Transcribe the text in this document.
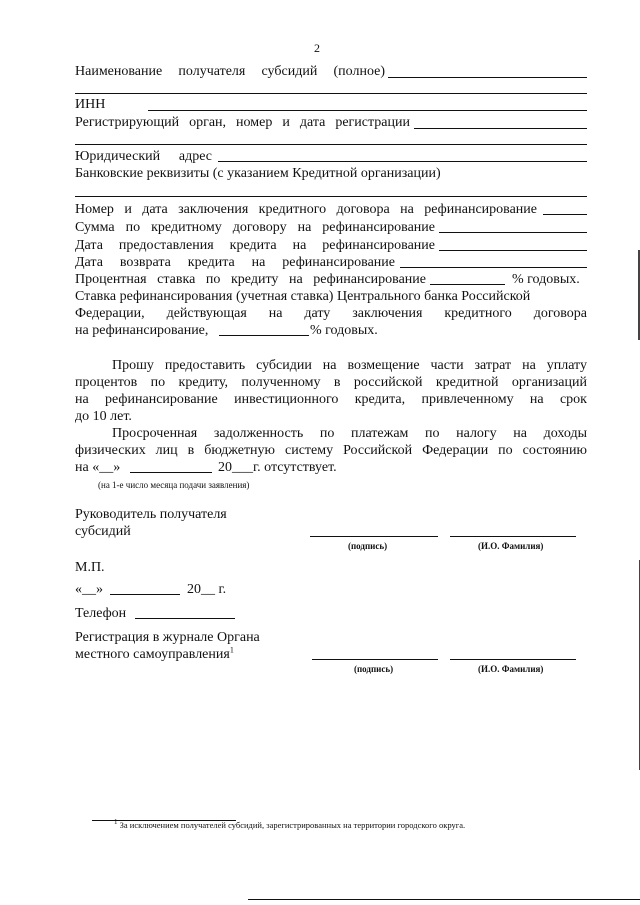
2
Наименование получателя субсидий (полное)
ИНН
Регистрирующий орган, номер и дата регистрации
Юридический адрес
Банковские реквизиты (с указанием Кредитной организации)
Номер и дата заключения кредитного договора на рефинансирование
Сумма по кредитному договору на рефинансирование
Дата предоставления кредита на рефинансирование
Дата возврата кредита на рефинансирование
Процентная ставка по кредиту на рефинансирование	% годовых.
Ставка рефинансирования (учетная ставка) Центрального банка Российской
Федерации, действующая на дату заключения кредитного договора
на рефинансирование,	% годовых.
Прошу предоставить субсидии на возмещение части затрат на уплату
процентов по кредиту, полученному в российской кредитной организаций
на рефинансирование инвестиционного кредита, привлеченному на срок
до 10 лет.
Просроченная задолженность по платежам по налогу на доходы
физических лиц в бюджетную систему Российской Федерации по состоянию
на «__»	20___г. отсутствует.
(на 1-е число месяца подачи заявления)
Руководитель получателя
субсидий
(подпись)	(И.О. Фамилия)
М.П.
«__»	20__ г.
Телефон
Регистрация в журнале Органа
местного самоуправления$^1$
(подпись)	(И.О. Фамилия)
$^1$ За исключением получателей субсидий, зарегистрированных на территории городского округа.
